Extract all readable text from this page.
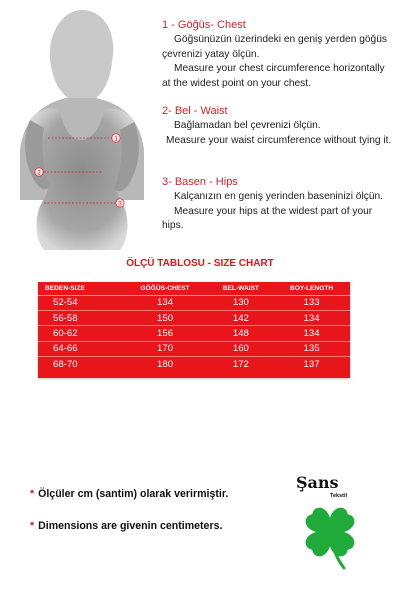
1
2
3
1 - Göğüs- Chest
Göğsünüzün üzerindeki en geniş yerden göğüs çevrenizi yatay ölçün.
Measure your chest circumference horizontally at the widest point on your chest.
2- Bel - Waist
Bağlamadan bel çevrenizi ölçün.
Measure your waist circumference without tying it.
3- Basen - Hips
Kalçanızın en geniş yerinden baseninizi ölçün.
Measure your hips at the widest part of your hips.
ÖLÇÜ TABLOSU - SIZE CHART
BEDEN-SIZE	GÖĞÜS-CHEST	BEL-WAIST	BOY-LENGTH
52-54	134	130	133
56-58	150	142	134
60-62	156	148	134
64-66	170	160	135
68-70	180	172	137
* Ölçüler cm (santim) olarak verirmiştir.
* Dimensions are givenin centimeters.
Şans
Tekstil
